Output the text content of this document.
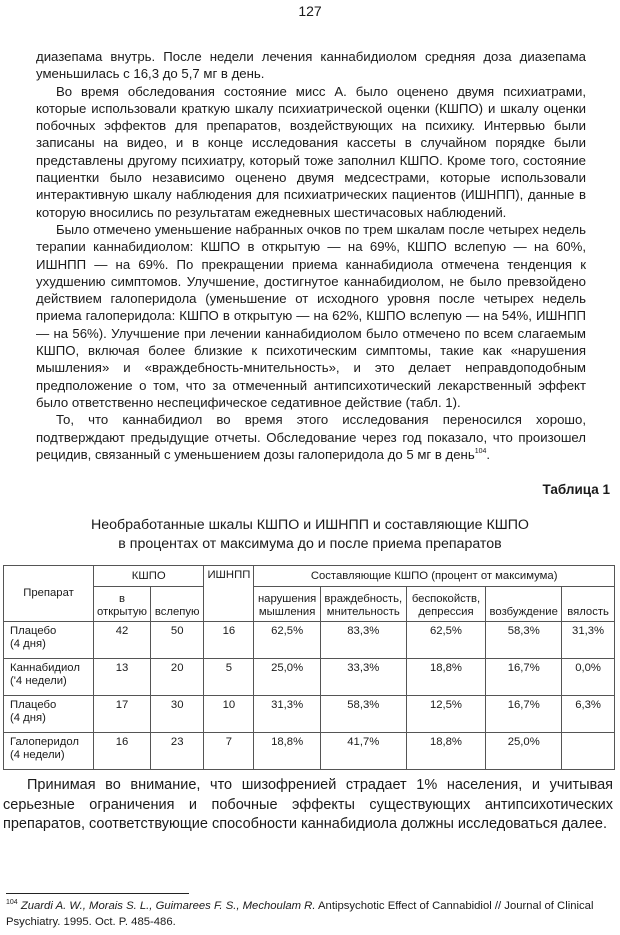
127

диазепама внутрь. После недели лечения каннабидиолом средняя доза диазепама уменьшилась с 16,3 до 5,7 мг в день.

Во время обследования состояние мисс А. было оценено двумя психиатрами, которые использовали краткую шкалу психиатрической оценки (КШПО) и шкалу оценки побочных эффектов для препаратов, воздействующих на психику. Интервью были записаны на видео, и в конце исследования кассеты в случайном порядке были представлены другому психиатру, который тоже заполнил КШПО. Кроме того, состояние пациентки было независимо оценено двумя медсестрами, которые использовали интерактивную шкалу наблюдения для психиатрических пациентов (ИШНПП), данные в которую вносились по результатам ежедневных шестичасовых наблюдений.

Было отмечено уменьшение набранных очков по трем шкалам после четырех недель терапии каннабидиолом: КШПО в открытую — на 69%, КШПО вслепую — на 60%, ИШНПП — на 69%. По прекращении приема каннабидиола отмечена тенденция к ухудшению симптомов. Улучшение, достигнутое каннабидиолом, не было превзойдено действием галоперидола (уменьшение от исходного уровня после четырех недель приема галоперидола: КШПО в открытую — на 62%, КШПО вслепую — на 54%, ИШНПП — на 56%). Улучшение при лечении каннабидиолом было отмечено по всем слагаемым КШПО, включая более близкие к психотическим симптомы, такие как «нарушения мышления» и «враждебность-мнительность», и это делает неправдоподобным предположение о том, что за отмеченный антипсихотический лекарственный эффект было ответственно неспецифическое седативное действие (табл. 1).

То, что каннабидиол во время этого исследования переносился хорошо, подтверждают предыдущие отчеты. Обследование через год показало, что произошел рецидив, связанный с уменьшением дозы галоперидола до 5 мг в день$^{104}$.

Таблица 1
Необработанные шкалы КШПО и ИШНПП и составляющие КШПО
в процентах от максимума до и после приема препаратов
Препарат	КШПО		ИШНПП	Составляющие КШПО (процент от максимума)				
	в открытую	вслепую		нарушения мышления	враждебность, мнительность	беспокойств, депрессия	возбуждение	вялость

Плацебо
(4 дня)	42	50	16	62,5%	83,3%	62,5%	58,3%	31,3%

Каннабидиол
('4 недели)	13	20	5	25,0%	33,3%	18,8%	16,7%	0,0%

Плацебо
(4 дня)	17	30	10	31,3%	58,3%	12,5%	16,7%	6,3%

Галоперидол
(4 недели)	16	23	7	18,8%	41,7%	18,8%	25,0%	

Принимая во внимание, что шизофренией страдает 1% населения, и учитывая серьезные ограничения и побочные эффекты существующих антипсихотических препаратов, соответствующие способности каннабидиола должны исследоваться далее.

$^{104}$ Zuardi A. W., Morais S. L., Guimarees F. S., Mechoulam R. Antipsychotic Effect of Cannabidiol // Journal of Clinical Psychiatry. 1995. Oct. P. 485-486.
